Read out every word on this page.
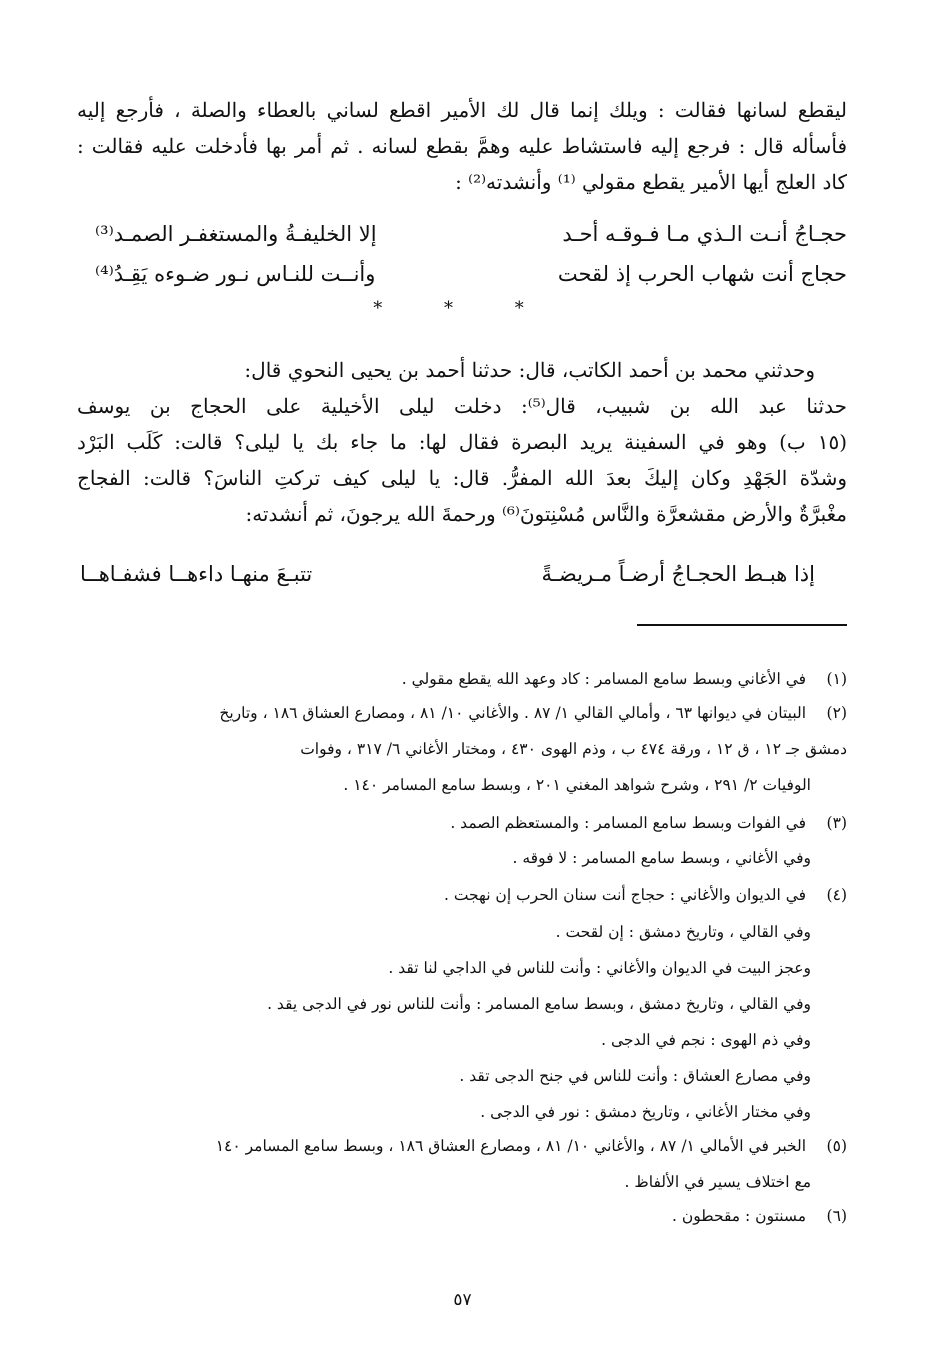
ليقطع لسانها فقالت : ويلك إنما قال لك الأمير اقطع لساني بالعطاء والصلة ، فأرجع إليه
فأسأله قال : فرجع إليه فاستشاط عليه وهمَّ بقطع لسانه . ثم أمر بها فأدخلت عليه فقالت :
كاد العلج أيها الأمير يقطع مقولي ⁽¹⁾ وأنشدته⁽²⁾ :
حجـاجُ أنـت الـذي مـا فـوقـه أحـد
إلا الخليفـةُ والمستغفـر الصمـد⁽³⁾
حجاج أنت شهاب الحرب إذ لقحت
وأنــت للنـاس نـور ضـوءه يَقِـدُ⁽⁴⁾
* * *
وحدثني محمد بن أحمد الكاتب، قال: حدثنا أحمد بن يحيى النحوي قال:
حدثنا عبد الله بن شبيب، قال⁽⁵⁾: دخلت ليلى الأخيلية على الحجاج بن يوسف
(١٥ ب) وهو في السفينة يريد البصرة فقال لها: ما جاء بك يا ليلى؟ قالت: كَلَب البَرْد
وشدّة الجَهْدِ وكان إليكَ بعدَ الله المفرُّ. قال: يا ليلى كيف تركتِ الناسَ؟ قالت: الفجاج
مغْبرَّةٌ والأرض مقشعرَّة والنَّاس مُسْنِتونَ⁽⁶⁾ ورحمةَ الله يرجونَ، ثم أنشدته:
إذا هبـط الحجـاجُ أرضـاً مـريضـةً
تتبـعَ منهـا داءهــا فشفـاهــا
(١) في الأغاني وبسط سامع المسامر : كاد وعهد الله يقطع مقولي .
(٢) البيتان في ديوانها ٦٣ ، وأمالي القالي ١/ ٨٧ . والأغاني ١٠/ ٨١ ، ومصارع العشاق ١٨٦ ، وتاريخ
دمشق جـ ١٢ ، ق ١٢ ، ورقة ٤٧٤ ب ، وذم الهوى ٤٣٠ ، ومختار الأغاني ٦/ ٣١٧ ، وفوات
الوفيات ٢/ ٢٩١ ، وشرح شواهد المغني ٢٠١ ، وبسط سامع المسامر ١٤٠ .
(٣) في الفوات وبسط سامع المسامر : والمستعظم الصمد .
وفي الأغاني ، وبسط سامع المسامر : لا فوقه .
(٤) في الديوان والأغاني : حجاج أنت سنان الحرب إن نهجت .
وفي القالي ، وتاريخ دمشق : إن لقحت .
وعجز البيت في الديوان والأغاني : وأنت للناس في الداجي لنا تقد .
وفي القالي ، وتاريخ دمشق ، وبسط سامع المسامر : وأنت للناس نور في الدجى يقد .
وفي ذم الهوى : نجم في الدجى .
وفي مصارع العشاق : وأنت للناس في جنح الدجى تقد .
وفي مختار الأغاني ، وتاريخ دمشق : نور في الدجى .
(٥) الخبر في الأمالي ١/ ٨٧ ، والأغاني ١٠/ ٨١ ، ومصارع العشاق ١٨٦ ، وبسط سامع المسامر ١٤٠
مع اختلاف يسير في الألفاظ .
(٦) مسنتون : مقحطون .
٥٧
